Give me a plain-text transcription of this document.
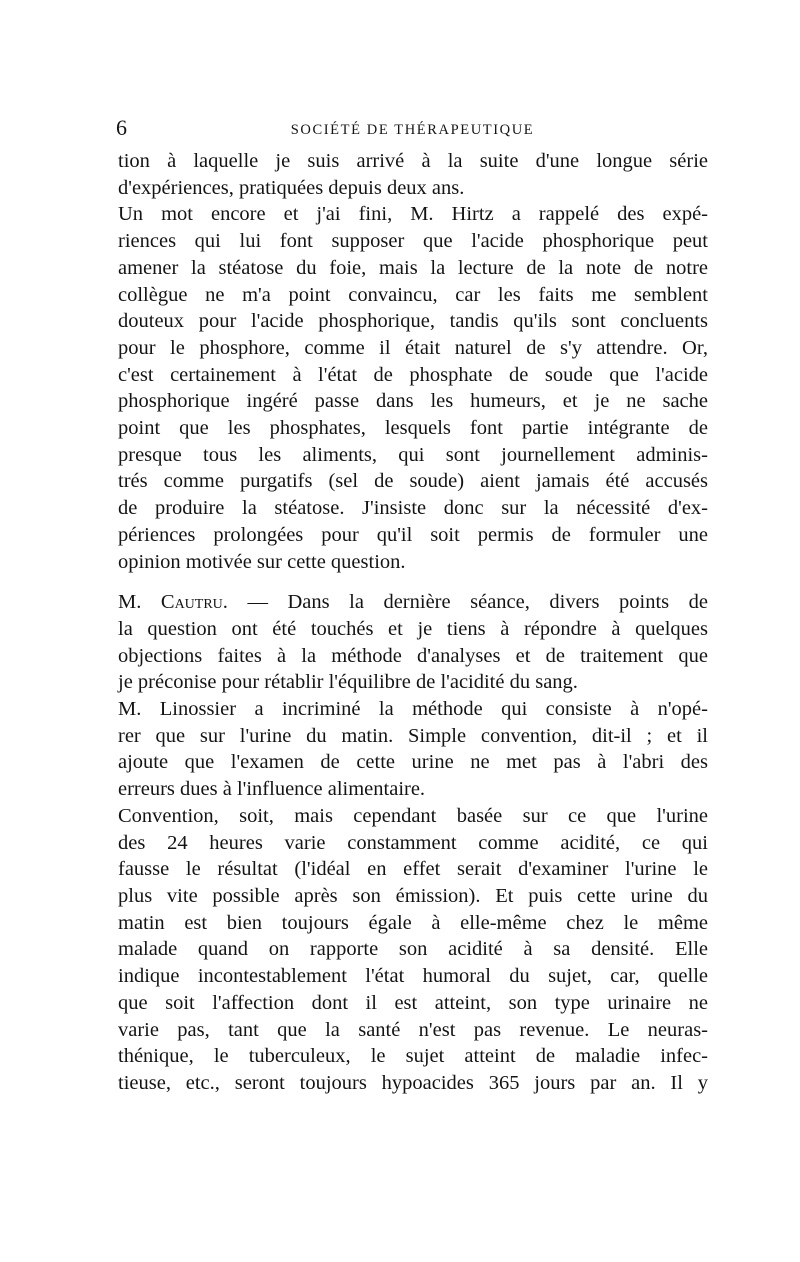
6	SOCIÉTÉ DE THÉRAPEUTIQUE

tion à laquelle je suis arrivé à la suite d'une longue série
d'expériences, pratiquées depuis deux ans.

Un mot encore et j'ai fini, M. Hirtz a rappelé des expé-
riences qui lui font supposer que l'acide phosphorique peut
amener la stéatose du foie, mais la lecture de la note de notre
collègue ne m'a point convaincu, car les faits me semblent
douteux pour l'acide phosphorique, tandis qu'ils sont concluents
pour le phosphore, comme il était naturel de s'y attendre. Or,
c'est certainement à l'état de phosphate de soude que l'acide
phosphorique ingéré passe dans les humeurs, et je ne sache
point que les phosphates, lesquels font partie intégrante de
presque tous les aliments, qui sont journellement adminis-
trés comme purgatifs (sel de soude) aient jamais été accusés
de produire la stéatose. J'insiste donc sur la nécessité d'ex-
périences prolongées pour qu'il soit permis de formuler une
opinion motivée sur cette question.

M. Cautru. — Dans la dernière séance, divers points de
la question ont été touchés et je tiens à répondre à quelques
objections faites à la méthode d'analyses et de traitement que
je préconise pour rétablir l'équilibre de l'acidité du sang.

M. Linossier a incriminé la méthode qui consiste à n'opé-
rer que sur l'urine du matin. Simple convention, dit-il ; et il
ajoute que l'examen de cette urine ne met pas à l'abri des
erreurs dues à l'influence alimentaire.

Convention, soit, mais cependant basée sur ce que l'urine
des 24 heures varie constamment comme acidité, ce qui
fausse le résultat (l'idéal en effet serait d'examiner l'urine le
plus vite possible après son émission). Et puis cette urine du
matin est bien toujours égale à elle-même chez le même
malade quand on rapporte son acidité à sa densité. Elle
indique incontestablement l'état humoral du sujet, car, quelle
que soit l'affection dont il est atteint, son type urinaire ne
varie pas, tant que la santé n'est pas revenue. Le neuras-
thénique, le tuberculeux, le sujet atteint de maladie infec-
tieuse, etc., seront toujours hypoacides 365 jours par an. Il y
